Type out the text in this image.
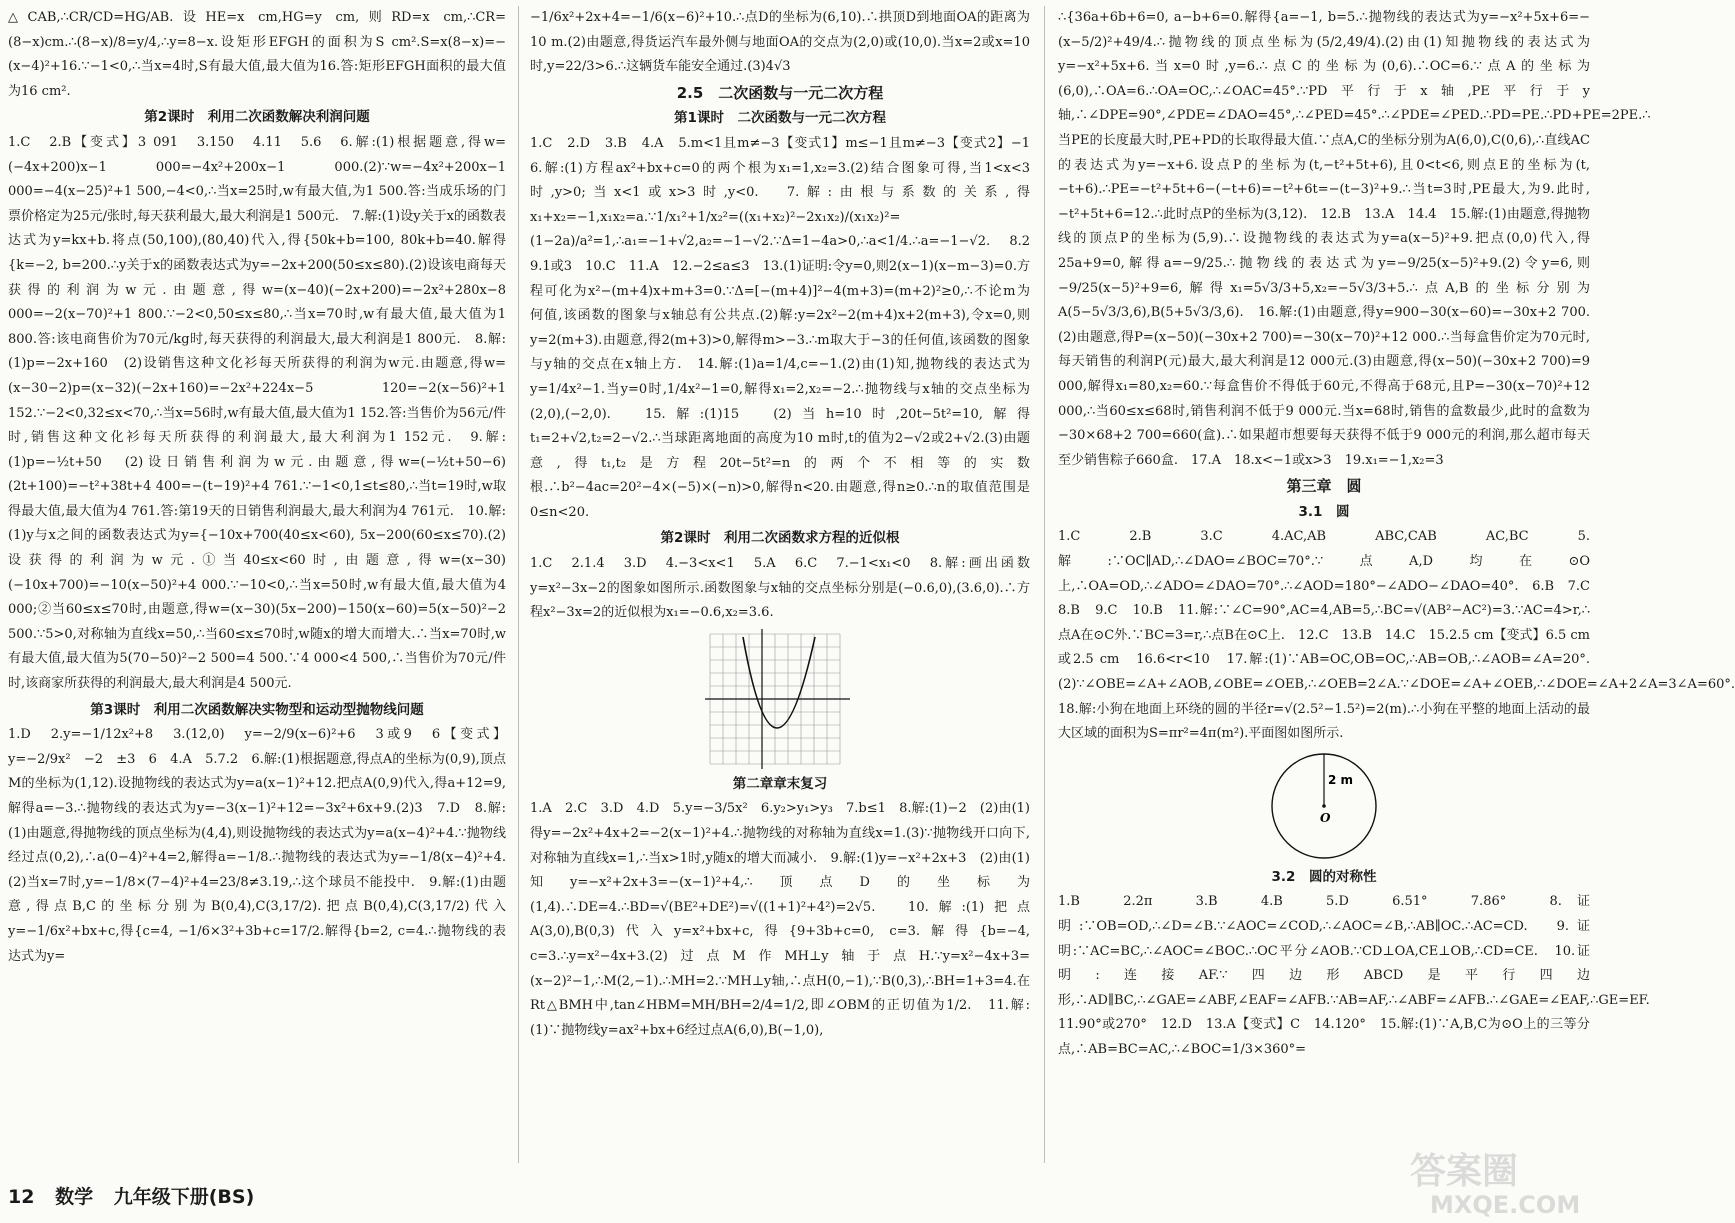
△CAB,∴CR/CD=HG/AB.设HE=x cm,HG=y cm,则RD=x cm,∴CR=(8−x)cm.∴(8−x)/8=y/4,∴y=8−x.设矩形EFGH的面积为S cm².S=x(8−x)=−(x−4)²+16.∵−1<0,∴当x=4时,S有最大值,最大值为16.答:矩形EFGH面积的最大值为16 cm².

第2课时　利用二次函数解决利润问题

1.C　2.B【变式】3 091　3.150　4.11　5.6　6.解:(1)根据题意,得w=(−4x+200)x−1 000=−4x²+200x−1 000.(2)∵w=−4x²+200x−1 000=−4(x−25)²+1 500,−4<0,∴当x=25时,w有最大值,为1 500.答:当成乐场的门票价格定为25元/张时,每天获利最大,最大利润是1 500元.　7.解:(1)设y关于x的函数表达式为y=kx+b.将点(50,100),(80,40)代入,得{50k+b=100, 80k+b=40.解得{k=−2, b=200.∴y关于x的函数表达式为y=−2x+200(50≤x≤80).(2)设该电商每天获得的利润为w元.由题意,得w=(x−40)(−2x+200)=−2x²+280x−8 000=−2(x−70)²+1 800.∵−2<0,50≤x≤80,∴当x=70时,w有最大值,最大值为1 800.答:该电商售价为70元/kg时,每天获得的利润最大,最大利润是1 800元.　8.解:(1)p=−2x+160　(2)设销售这种文化衫每天所获得的利润为w元.由题意,得w=(x−30−2)p=(x−32)(−2x+160)=−2x²+224x−5 120=−2(x−56)²+1 152.∵−2<0,32≤x<70,∴当x=56时,w有最大值,最大值为1 152.答:当售价为56元/件时,销售这种文化衫每天所获得的利润最大,最大利润为1 152元.　9.解:(1)p=−½t+50　(2)设日销售利润为w元.由题意,得w=(−½t+50−6)(2t+100)=−t²+38t+4 400=−(t−19)²+4 761.∵−1<0,1≤t≤80,∴当t=19时,w取得最大值,最大值为4 761.答:第19天的日销售利润最大,最大利润为4 761元.　10.解:(1)y与x之间的函数表达式为y={−10x+700(40≤x<60), 5x−200(60≤x≤70).(2)设获得的利润为w元.①当40≤x<60时,由题意,得w=(x−30)(−10x+700)=−10(x−50)²+4 000.∵−10<0,∴当x=50时,w有最大值,最大值为4 000;②当60≤x≤70时,由题意,得w=(x−30)(5x−200)−150(x−60)=5(x−50)²−2 500.∵5>0,对称轴为直线x=50,∴当60≤x≤70时,w随x的增大而增大.∴当x=70时,w有最大值,最大值为5(70−50)²−2 500=4 500.∵4 000<4 500,∴当售价为70元/件时,该商家所获得的利润最大,最大利润是4 500元.

第3课时　利用二次函数解决实物型和运动型抛物线问题

1.D　2.y=−1/12x²+8　3.(12,0)　y=−2/9(x−6)²+6　3或9　6【变式】y=−2/9x²　−2　±3　6　4.A　5.7.2　6.解:(1)根据题意,得点A的坐标为(0,9),顶点M的坐标为(1,12).设抛物线的表达式为y=a(x−1)²+12.把点A(0,9)代入,得a+12=9,解得a=−3.∴抛物线的表达式为y=−3(x−1)²+12=−3x²+6x+9.(2)3　7.D　8.解:(1)由题意,得抛物线的顶点坐标为(4,4),则设抛物线的表达式为y=a(x−4)²+4.∵抛物线经过点(0,2),∴a(0−4)²+4=2,解得a=−1/8.∴抛物线的表达式为y=−1/8(x−4)²+4.(2)当x=7时,y=−1/8×(7−4)²+4=23/8≠3.19,∴这个球员不能投中.　9.解:(1)由题意,得点B,C的坐标分别为B(0,4),C(3,17/2).把点B(0,4),C(3,17/2)代入y=−1/6x²+bx+c,得{c=4, −1/6×3²+3b+c=17/2.解得{b=2, c=4.∴抛物线的表达式为y=

−1/6x²+2x+4=−1/6(x−6)²+10.∴点D的坐标为(6,10).∴拱顶D到地面OA的距离为10 m.(2)由题意,得货运汽车最外侧与地面OA的交点为(2,0)或(10,0).当x=2或x=10时,y=22/3>6.∴这辆货车能安全通过.(3)4√3

2.5　二次函数与一元二次方程
第1课时　二次函数与一元二次方程

1.C　2.D　3.B　4.A　5.m<1且m≠−3【变式1】m≤−1且m≠−3【变式2】−1　6.解:(1)方程ax²+bx+c=0的两个根为x₁=1,x₂=3.(2)结合图象可得,当1<x<3时,y>0;当x<1或x>3时,y<0.　7.解:由根与系数的关系,得x₁+x₂=−1,x₁x₂=a.∵1/x₁²+1/x₂²=((x₁+x₂)²−2x₁x₂)/(x₁x₂)²=(1−2a)/a²=1,∴a₁=−1+√2,a₂=−1−√2.∵Δ=1−4a>0,∴a<1/4.∴a=−1−√2.　8.2　9.1或3　10.C　11.A　12.−2≤a≤3　13.(1)证明:令y=0,则2(x−1)(x−m−3)=0.方程可化为x²−(m+4)x+m+3=0.∵Δ=[−(m+4)]²−4(m+3)=(m+2)²≥0,∴不论m为何值,该函数的图象与x轴总有公共点.(2)解:y=2x²−2(m+4)x+2(m+3),令x=0,则y=2(m+3).由题意,得2(m+3)>0,解得m>−3.∴m取大于−3的任何值,该函数的图象与y轴的交点在x轴上方.　14.解:(1)a=1/4,c=−1.(2)由(1)知,抛物线的表达式为y=1/4x²−1.当y=0时,1/4x²−1=0,解得x₁=2,x₂=−2.∴抛物线与x轴的交点坐标为(2,0),(−2,0).　15.解:(1)15　(2)当h=10时,20t−5t²=10,解得t₁=2+√2,t₂=2−√2.∴当球距离地面的高度为10 m时,t的值为2−√2或2+√2.(3)由题意,得t₁,t₂是方程20t−5t²=n的两个不相等的实数根.∴b²−4ac=20²−4×(−5)×(−n)>0,解得n<20.由题意,得n≥0.∴n的取值范围是0≤n<20.

第2课时　利用二次函数求方程的近似根

1.C　2.1.4　3.D　4.−3<x<1　5.A　6.C　7.−1<x₁<0　8.解:画出函数y=x²−3x−2的图象如图所示.函数图象与x轴的交点坐标分别是(−0.6,0),(3.6,0).∴方程x²−3x=2的近似根为x₁=−0.6,x₂=3.6.

第二章章末复习

1.A　2.C　3.D　4.D　5.y=−3/5x²　6.y₂>y₁>y₃　7.b≤1　8.解:(1)−2　(2)由(1)得y=−2x²+4x+2=−2(x−1)²+4.∴抛物线的对称轴为直线x=1.(3)∵抛物线开口向下,对称轴为直线x=1,∴当x>1时,y随x的增大而减小.　9.解:(1)y=−x²+2x+3　(2)由(1)知y=−x²+2x+3=−(x−1)²+4,∴顶点D的坐标为(1,4).∴DE=4.∴BD=√(BE²+DE²)=√((1+1)²+4²)=2√5.　10.解:(1)把点A(3,0),B(0,3)代入y=x²+bx+c,得{9+3b+c=0, c=3.解得{b=−4, c=3.∴y=x²−4x+3.(2)过点M作MH⊥y轴于点H.∵y=x²−4x+3=(x−2)²−1,∴M(2,−1).∴MH=2.∵MH⊥y轴,∴点H(0,−1),∵B(0,3),∴BH=1+3=4.在Rt△BMH中,tan∠HBM=MH/BH=2/4=1/2,即∠OBM的正切值为1/2.　11.解:(1)∵抛物线y=ax²+bx+6经过点A(6,0),B(−1,0),

∴{36a+6b+6=0, a−b+6=0.解得{a=−1, b=5.∴抛物线的表达式为y=−x²+5x+6=−(x−5/2)²+49/4.∴抛物线的顶点坐标为(5/2,49/4).(2)由(1)知抛物线的表达式为y=−x²+5x+6.当x=0时,y=6.∴点C的坐标为(0,6).∴OC=6.∵点A的坐标为(6,0),∴OA=6.∴OA=OC,∴∠OAC=45°.∵PD平行于x轴,PE平行于y轴,∴∠DPE=90°,∠PDE=∠DAO=45°,∴∠PED=45°.∴∠PDE=∠PED.∴PD=PE.∴PD+PE=2PE.∴当PE的长度最大时,PE+PD的长取得最大值.∵点A,C的坐标分别为A(6,0),C(0,6),∴直线AC的表达式为y=−x+6.设点P的坐标为(t,−t²+5t+6),且0<t<6,则点E的坐标为(t,−t+6).∴PE=−t²+5t+6−(−t+6)=−t²+6t=−(t−3)²+9.∴当t=3时,PE最大,为9.此时,−t²+5t+6=12.∴此时点P的坐标为(3,12).　12.B　13.A　14.4　15.解:(1)由题意,得抛物线的顶点P的坐标为(5,9).∴设抛物线的表达式为y=a(x−5)²+9.把点(0,0)代入,得25a+9=0,解得a=−9/25.∴抛物线的表达式为y=−9/25(x−5)²+9.(2)令y=6,则−9/25(x−5)²+9=6,解得x₁=5√3/3+5,x₂=−5√3/3+5.∴点A,B的坐标分别为A(5−5√3/3,6),B(5+5√3/3,6).　16.解:(1)由题意,得y=900−30(x−60)=−30x+2 700.(2)由题意,得P=(x−50)(−30x+2 700)=−30(x−70)²+12 000.∴当每盒售价定为70元时,每天销售的利润P(元)最大,最大利润是12 000元.(3)由题意,得(x−50)(−30x+2 700)=9 000,解得x₁=80,x₂=60.∵每盒售价不得低于60元,不得高于68元,且P=−30(x−70)²+12 000,∴当60≤x≤68时,销售利润不低于9 000元.当x=68时,销售的盒数最少,此时的盒数为−30×68+2 700=660(盒).∴如果超市想要每天获得不低于9 000元的利润,那么超市每天至少销售粽子660盒.　17.A　18.x<−1或x>3　19.x₁=−1,x₂=3

第三章　圆
3.1　圆

1.C　2.B　3.C　4.AC,AB　ABC,CAB　AC,BC　5.解:∵OC∥AD,∴∠DAO=∠BOC=70°.∵点A,D均在⊙O上,∴OA=OD,∴∠ADO=∠DAO=70°.∴∠AOD=180°−∠ADO−∠DAO=40°.　6.B　7.C　8.B　9.C　10.B　11.解:∵∠C=90°,AC=4,AB=5,∴BC=√(AB²−AC²)=3.∵AC=4>r,∴点A在⊙C外.∵BC=3=r,∴点B在⊙C上.　12.C　13.B　14.C　15.2.5 cm【变式】6.5 cm或2.5 cm　16.6<r<10　17.解:(1)∵AB=OC,OB=OC,∴AB=OB,∴∠AOB=∠A=20°.(2)∵∠OBE=∠A+∠AOB,∠OBE=∠OEB,∴∠OEB=2∠A.∵∠DOE=∠A+∠OEB,∴∠DOE=∠A+2∠A=3∠A=60°.　18.解:小狗在地面上环绕的圆的半径r=√(2.5²−1.5²)=2(m).∴小狗在平整的地面上活动的最大区域的面积为S=πr²=4π(m²).平面图如图所示.

2 m
O
3.2　圆的对称性

1.B　2.2π　3.B　4.B　5.D　6.51°　7.86°　8.证明:∵OB=OD,∴∠D=∠B.∵∠AOC=∠COD,∴∠AOC=∠B,∴AB∥OC.∴AC=CD.　9.证明:∵AC=BC,∴∠AOC=∠BOC.∴OC平分∠AOB.∵CD⊥OA,CE⊥OB,∴CD=CE.　10.证明:连接AF.∵四边形ABCD是平行四边形,∴AD∥BC,∴∠GAE=∠ABF,∠EAF=∠AFB.∵AB=AF,∴∠ABF=∠AFB.∴∠GAE=∠EAF,∴GE=EF.　11.90°或270°　12.D　13.A【变式】C　14.120°　15.解:(1)∵A,B,C为⊙O上的三等分点,∴AB=BC=AC,∴∠BOC=1/3×360°=

12 数学 九年级下册(BS)
答案圈
MXQE.COM
